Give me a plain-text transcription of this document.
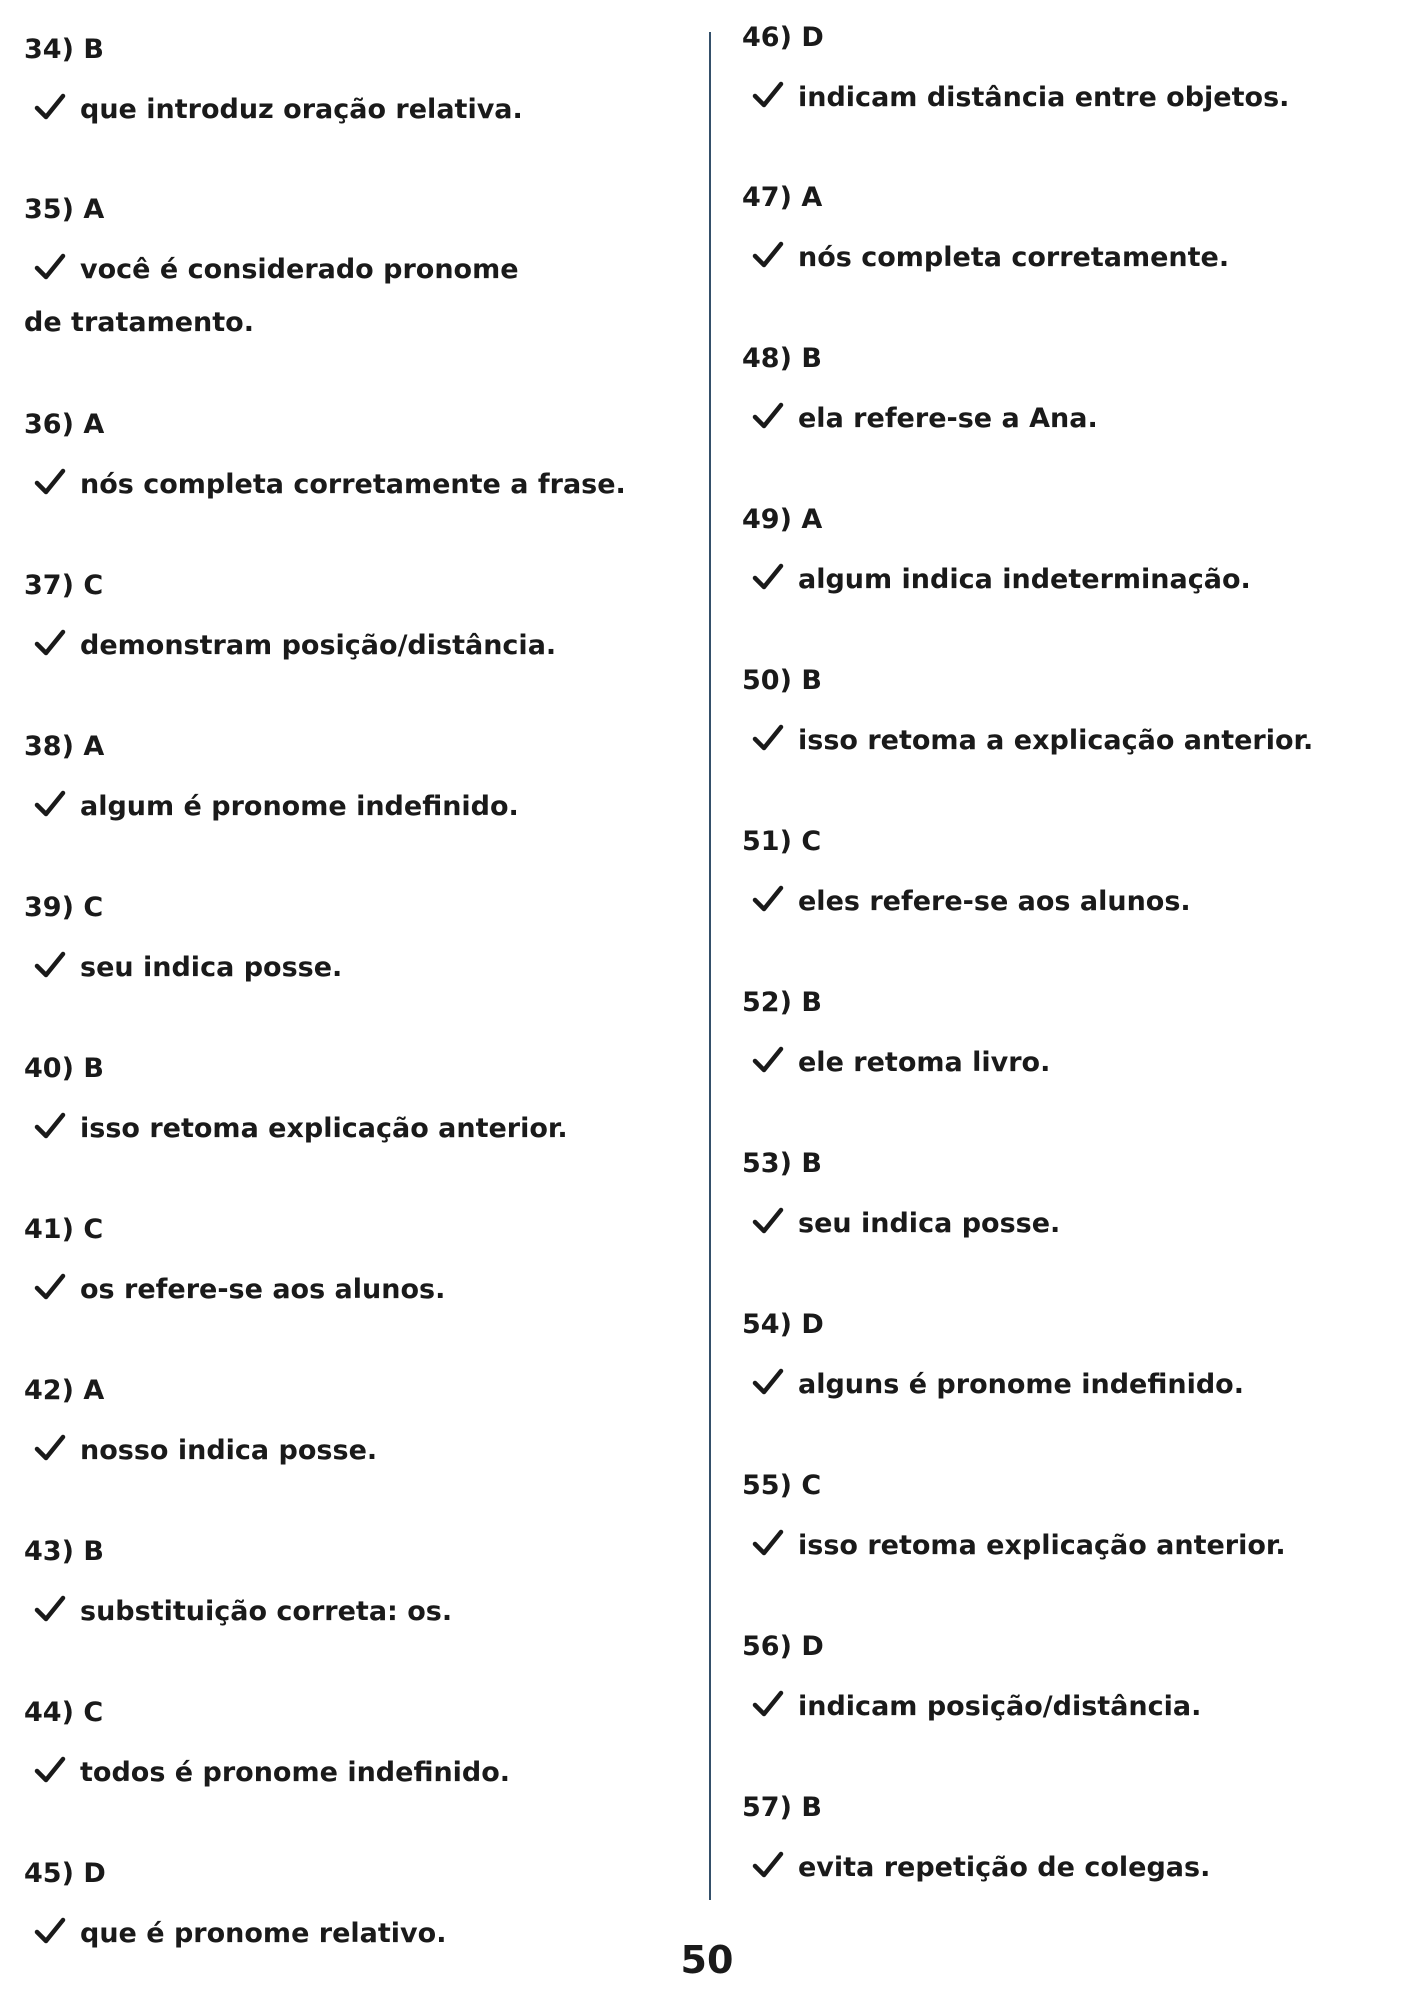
34) B
que introduz oração relativa.
35) A
você é considerado pronome de tratamento.
36) A
nós completa corretamente a frase.
37) C
demonstram posição/distância.
38) A
algum é pronome indefinido.
39) C
seu indica posse.
40) B
isso retoma explicação anterior.
41) C
os refere-se aos alunos.
42) A
nosso indica posse.
43) B
substituição correta: os.
44) C
todos é pronome indefinido.
45) D
que é pronome relativo.
46) D
indicam distância entre objetos.
47) A
nós completa corretamente.
48) B
ela refere-se a Ana.
49) A
algum indica indeterminação.
50) B
isso retoma a explicação anterior.
51) C
eles refere-se aos alunos.
52) B
ele retoma livro.
53) B
seu indica posse.
54) D
alguns é pronome indefinido.
55) C
isso retoma explicação anterior.
56) D
indicam posição/distância.
57) B
evita repetição de colegas.
50
